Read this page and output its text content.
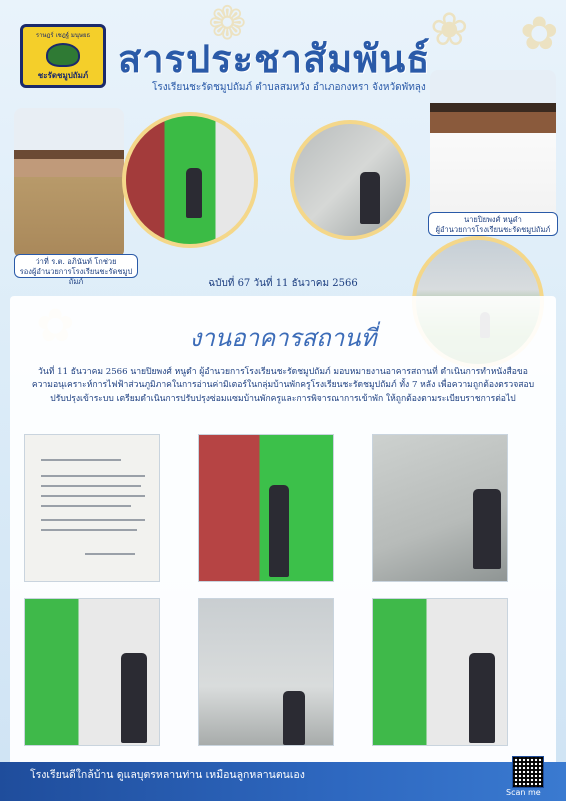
❀ ✿
❁
ราษฎร์ เชฎฐ์ มนุษยธ
ชะรัดชมูปถัมภ์ สารประชาสัมพันธ์
โรงเรียนชะรัดชมูปถัมภ์ ตำบลสมหวัง อำเภอกงหรา จังหวัดพัทลุง
ว่าที่ ร.ต. อภินันท์ โกช่วย
รองผู้อำนวยการโรงเรียนชะรัดชมูปถัมภ์
นายปิยพงศ์ หนูดำ
ผู้อำนวยการโรงเรียนชะรัดชมูปถัมภ์
ฉบับที่ 67 วันที่ 11 ธันวาคม 2566
งานอาคารสถานที่
วันที่ 11 ธันวาคม 2566 นายปิยพงศ์ หนูดำ ผู้อำนวยการโรงเรียนชะรัดชมูปถัมภ์ มอบหมายงานอาคารสถานที่ ดำเนินการทำหนังสือขอความอนุเคราะห์การไฟฟ้าส่วนภูมิภาคในการอ่านค่ามิเตอร์ในกลุ่มบ้านพักครูโรงเรียนชะรัดชมูปถัมภ์ ทั้ง 7 หลัง เพื่อความถูกต้องตรวจสอบปรับปรุงเข้าระบบ เตรียมดำเนินการปรับปรุงซ่อมแซมบ้านพักครูและการพิจารณาการเข้าพัก ให้ถูกต้องตามระเบียบราชการต่อไป
โรงเรียนดีใกล้บ้าน ดูแลบุตรหลานท่าน เหมือนลูกหลานตนเอง
Scan me
